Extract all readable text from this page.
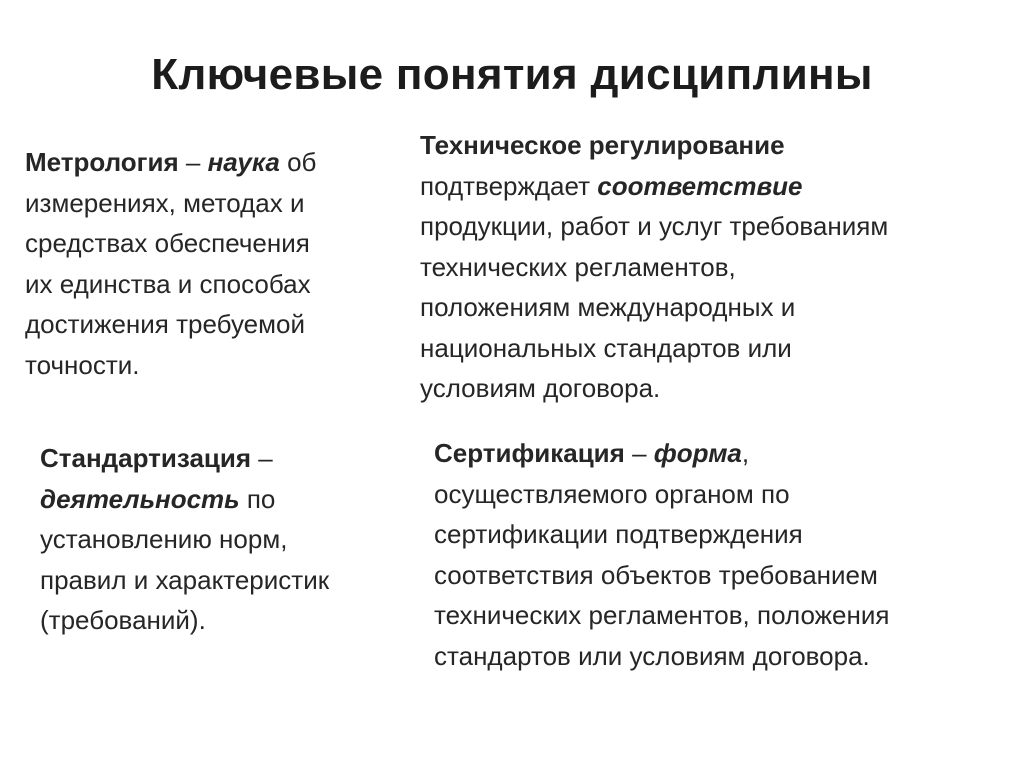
Ключевые понятия дисциплины

Метрология – наука об
измерениях, методах и
средствах обеспечения
их единства и способах
достижения требуемой
точности.

Техническое регулирование
подтверждает соответствие
продукции, работ и услуг требованиям
технических регламентов,
положениям международных и
национальных стандартов или
условиям договора.

Стандартизация –
деятельность по
установлению норм,
правил и характеристик
(требований).

Сертификация – форма,
осуществляемого органом по
сертификации подтверждения
соответствия объектов требованием
технических регламентов, положения
стандартов или условиям договора.
